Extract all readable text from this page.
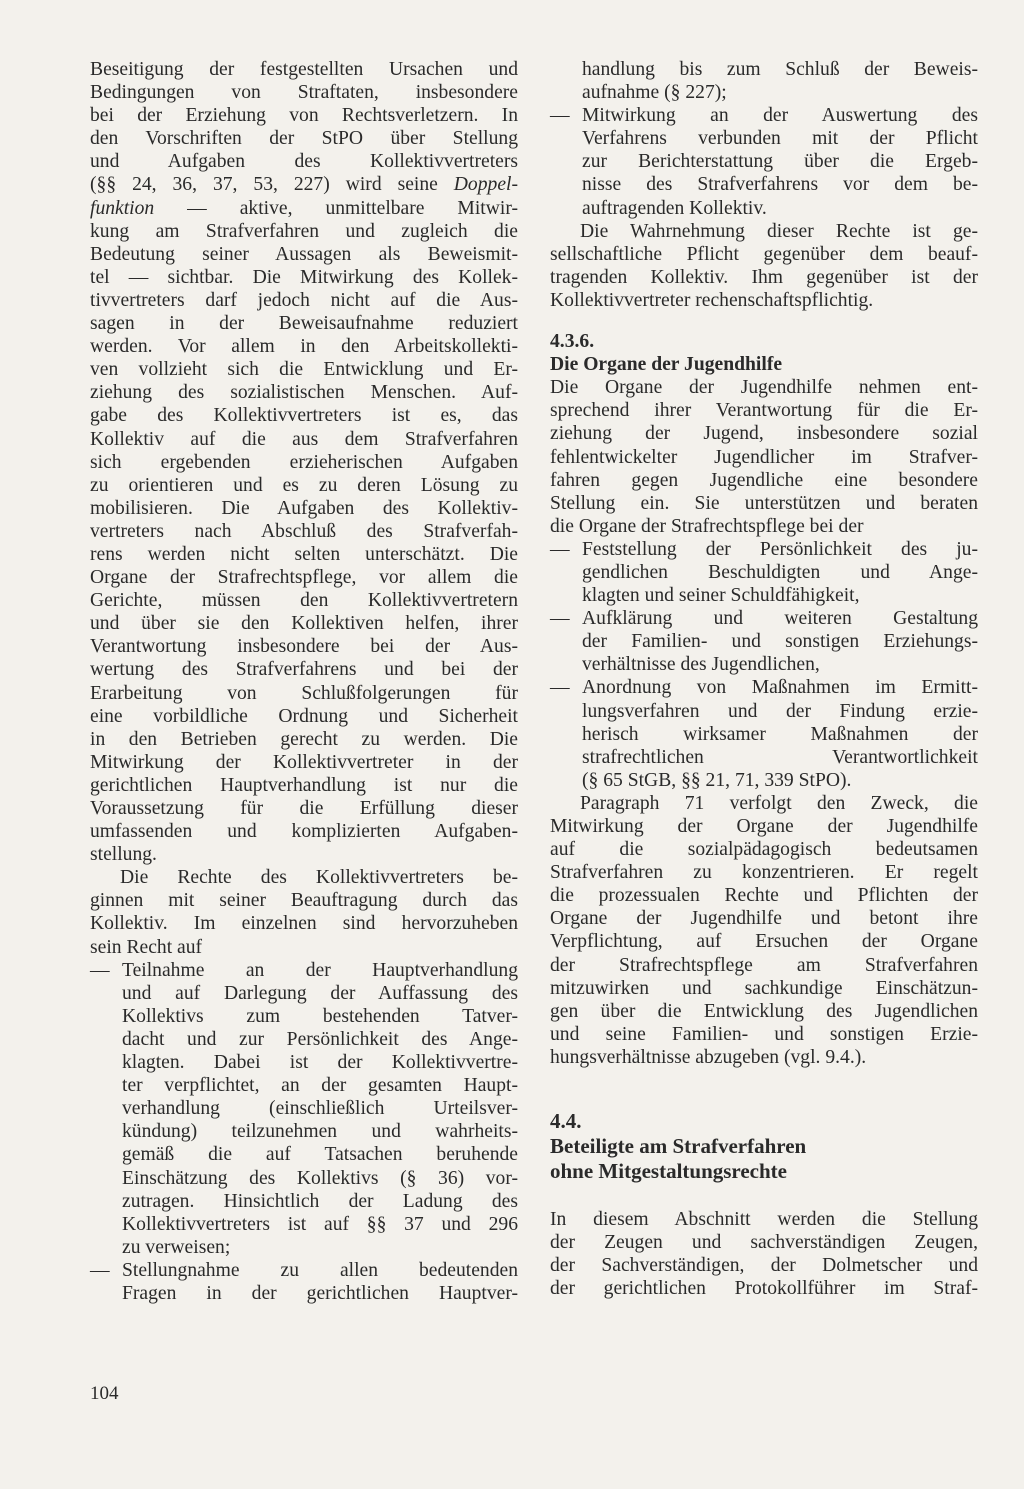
Beseitigung der festgestellten Ursachen und
Bedingungen von Straftaten, insbesondere
bei der Erziehung von Rechtsverletzern. In
den Vorschriften der StPO über Stellung
und Aufgaben des Kollektivvertreters
(§§ 24, 36, 37, 53, 227) wird seine Doppel-
funktion — aktive, unmittelbare Mitwir-
kung am Strafverfahren und zugleich die
Bedeutung seiner Aussagen als Beweismit-
tel — sichtbar. Die Mitwirkung des Kollek-
tivvertreters darf jedoch nicht auf die Aus-
sagen in der Beweisaufnahme reduziert
werden. Vor allem in den Arbeitskollekti-
ven vollzieht sich die Entwicklung und Er-
ziehung des sozialistischen Menschen. Auf-
gabe des Kollektivvertreters ist es, das
Kollektiv auf die aus dem Strafverfahren
sich ergebenden erzieherischen Aufgaben
zu orientieren und es zu deren Lösung zu
mobilisieren. Die Aufgaben des Kollektiv-
vertreters nach Abschluß des Strafverfah-
rens werden nicht selten unterschätzt. Die
Organe der Strafrechtspflege, vor allem die
Gerichte, müssen den Kollektivvertretern
und über sie den Kollektiven helfen, ihrer
Verantwortung insbesondere bei der Aus-
wertung des Strafverfahrens und bei der
Erarbeitung von Schlußfolgerungen für
eine vorbildliche Ordnung und Sicherheit
in den Betrieben gerecht zu werden. Die
Mitwirkung der Kollektivvertreter in der
gerichtlichen Hauptverhandlung ist nur die
Voraussetzung für die Erfüllung dieser
umfassenden und komplizierten Aufgaben-
stellung.
Die Rechte des Kollektivvertreters be-
ginnen mit seiner Beauftragung durch das
Kollektiv. Im einzelnen sind hervorzuheben
sein Recht auf
— Teilnahme an der Hauptverhandlung
und auf Darlegung der Auffassung des
Kollektivs zum bestehenden Tatver-
dacht und zur Persönlichkeit des Ange-
klagten. Dabei ist der Kollektivvertre-
ter verpflichtet, an der gesamten Haupt-
verhandlung (einschließlich Urteilsver-
kündung) teilzunehmen und wahrheits-
gemäß die auf Tatsachen beruhende
Einschätzung des Kollektivs (§ 36) vor-
zutragen. Hinsichtlich der Ladung des
Kollektivvertreters ist auf §§ 37 und 296
zu verweisen;
— Stellungnahme zu allen bedeutenden
Fragen in der gerichtlichen Hauptver-
handlung bis zum Schluß der Beweis-
aufnahme (§ 227);
— Mitwirkung an der Auswertung des
Verfahrens verbunden mit der Pflicht
zur Berichterstattung über die Ergeb-
nisse des Strafverfahrens vor dem be-
auftragenden Kollektiv.
Die Wahrnehmung dieser Rechte ist ge-
sellschaftliche Pflicht gegenüber dem beauf-
tragenden Kollektiv. Ihm gegenüber ist der
Kollektivvertreter rechenschaftspflichtig.
4.3.6.
Die Organe der Jugendhilfe
Die Organe der Jugendhilfe nehmen ent-
sprechend ihrer Verantwortung für die Er-
ziehung der Jugend, insbesondere sozial
fehlentwickelter Jugendlicher im Strafver-
fahren gegen Jugendliche eine besondere
Stellung ein. Sie unterstützen und beraten
die Organe der Strafrechtspflege bei der
— Feststellung der Persönlichkeit des ju-
gendlichen Beschuldigten und Ange-
klagten und seiner Schuldfähigkeit,
— Aufklärung und weiteren Gestaltung
der Familien- und sonstigen Erziehungs-
verhältnisse des Jugendlichen,
— Anordnung von Maßnahmen im Ermitt-
lungsverfahren und der Findung erzie-
herisch wirksamer Maßnahmen der
strafrechtlichen Verantwortlichkeit
(§ 65 StGB, §§ 21, 71, 339 StPO).
Paragraph 71 verfolgt den Zweck, die
Mitwirkung der Organe der Jugendhilfe
auf die sozialpädagogisch bedeutsamen
Strafverfahren zu konzentrieren. Er regelt
die prozessualen Rechte und Pflichten der
Organe der Jugendhilfe und betont ihre
Verpflichtung, auf Ersuchen der Organe
der Strafrechtspflege am Strafverfahren
mitzuwirken und sachkundige Einschätzun-
gen über die Entwicklung des Jugendlichen
und seine Familien- und sonstigen Erzie-
hungsverhältnisse abzugeben (vgl. 9.4.).
4.4.
Beteiligte am Strafverfahren
ohne Mitgestaltungsrechte
In diesem Abschnitt werden die Stellung
der Zeugen und sachverständigen Zeugen,
der Sachverständigen, der Dolmetscher und
der gerichtlichen Protokollführer im Straf-
104
